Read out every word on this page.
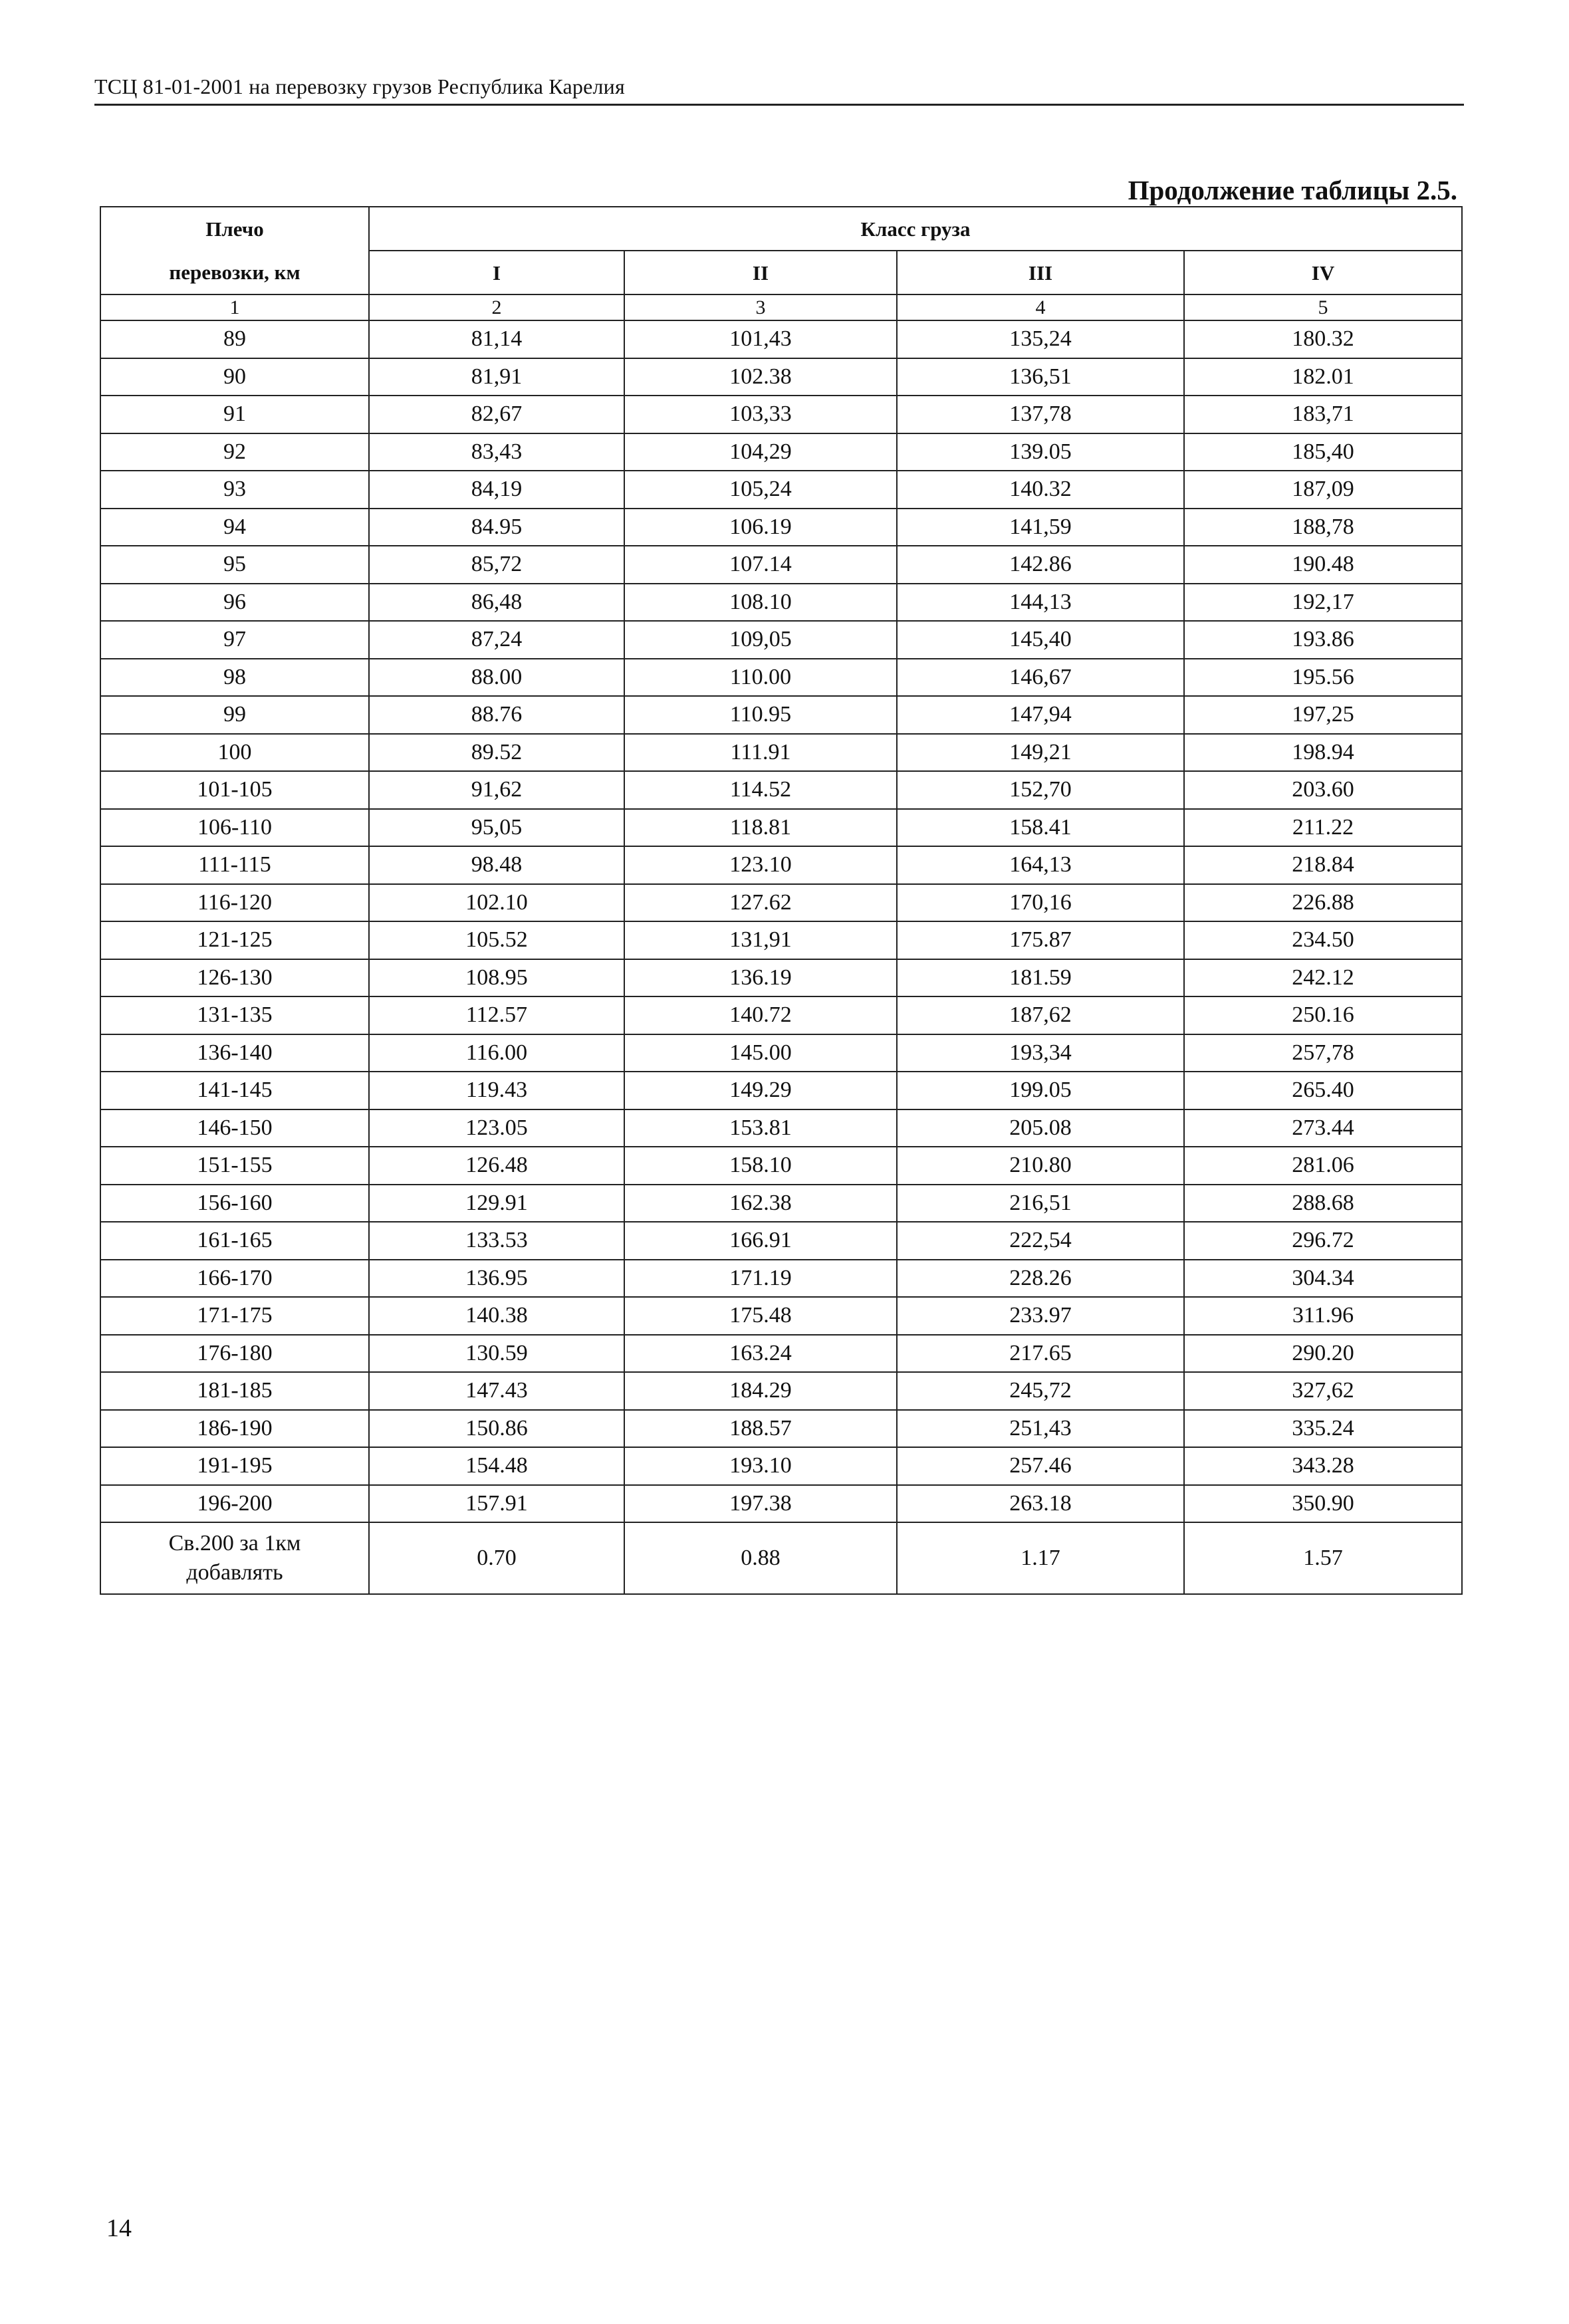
ТСЦ 81-01-2001 на перевозку грузов Республика Карелия
Продолжение таблицы 2.5.
Плечо	Класс груза			
перевозки, км	I	II	III	IV
1	2	3	4	5
89	81,14	101,43	135,24	180.32
90	81,91	102.38	136,51	182.01
91	82,67	103,33	137,78	183,71
92	83,43	104,29	139.05	185,40
93	84,19	105,24	140.32	187,09
94	84.95	106.19	141,59	188,78
95	85,72	107.14	142.86	190.48
96	86,48	108.10	144,13	192,17
97	87,24	109,05	145,40	193.86
98	88.00	110.00	146,67	195.56
99	88.76	110.95	147,94	197,25
100	89.52	111.91	149,21	198.94
101-105	91,62	114.52	152,70	203.60
106-110	95,05	118.81	158.41	211.22
111-115	98.48	123.10	164,13	218.84
116-120	102.10	127.62	170,16	226.88
121-125	105.52	131,91	175.87	234.50
126-130	108.95	136.19	181.59	242.12
131-135	112.57	140.72	187,62	250.16
136-140	116.00	145.00	193,34	257,78
141-145	119.43	149.29	199.05	265.40
146-150	123.05	153.81	205.08	273.44
151-155	126.48	158.10	210.80	281.06
156-160	129.91	162.38	216,51	288.68
161-165	133.53	166.91	222,54	296.72
166-170	136.95	171.19	228.26	304.34
171-175	140.38	175.48	233.97	311.96
176-180	130.59	163.24	217.65	290.20
181-185	147.43	184.29	245,72	327,62
186-190	150.86	188.57	251,43	335.24
191-195	154.48	193.10	257.46	343.28
196-200	157.91	197.38	263.18	350.90

Св.200 за 1км
добавлять	0.70	0.88	1.17	1.57
14
